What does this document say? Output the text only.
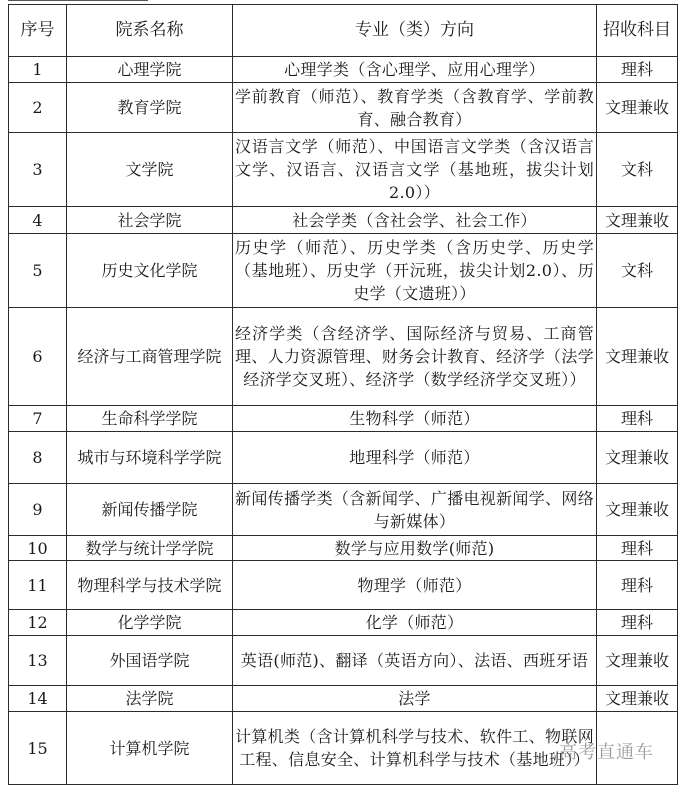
序号	院系名称	专业（类）方向	招收科目
1	心理学院	心理学类（含心理学、应用心理学）	理科
2	教育学院	学前教育（师范）、教育学类（含教育学、学前教育、融合教育）	文理兼收
3	文学院	汉语言文学（师范）、中国语言文学类（含汉语言文学、汉语言、汉语言文学（基地班，拔尖计划2.0））	文科
4	社会学院	社会学类（含社会学、社会工作）	文理兼收
5	历史文化学院	历史学（师范）、历史学类（含历史学、历史学（基地班）、历史学（开沅班，拔尖计划2.0）、历史学（文遗班））	文科
6	经济与工商管理学院	经济学类（含经济学、国际经济与贸易、工商管理、人力资源管理、财务会计教育、经济学（法学经济学交叉班）、经济学（数学经济学交叉班））	文理兼收
7	生命科学学院	生物科学（师范）	理科
8	城市与环境科学学院	地理科学（师范）	文理兼收
9	新闻传播学院	新闻传播学类（含新闻学、广播电视新闻学、网络与新媒体）	文理兼收
10	数学与统计学学院	数学与应用数学(师范)	理科
11	物理科学与技术学院	物理学（师范）	理科
12	化学学院	化学（师范）	理科
13	外国语学院	英语(师范)、翻译（英语方向）、法语、西班牙语	文理兼收
14	法学院	法学	文理兼收
15	计算机学院	计算机类（含计算机科学与技术、软件工、物联网工程、信息安全、计算机科学与技术（基地班））	
高考直通车
